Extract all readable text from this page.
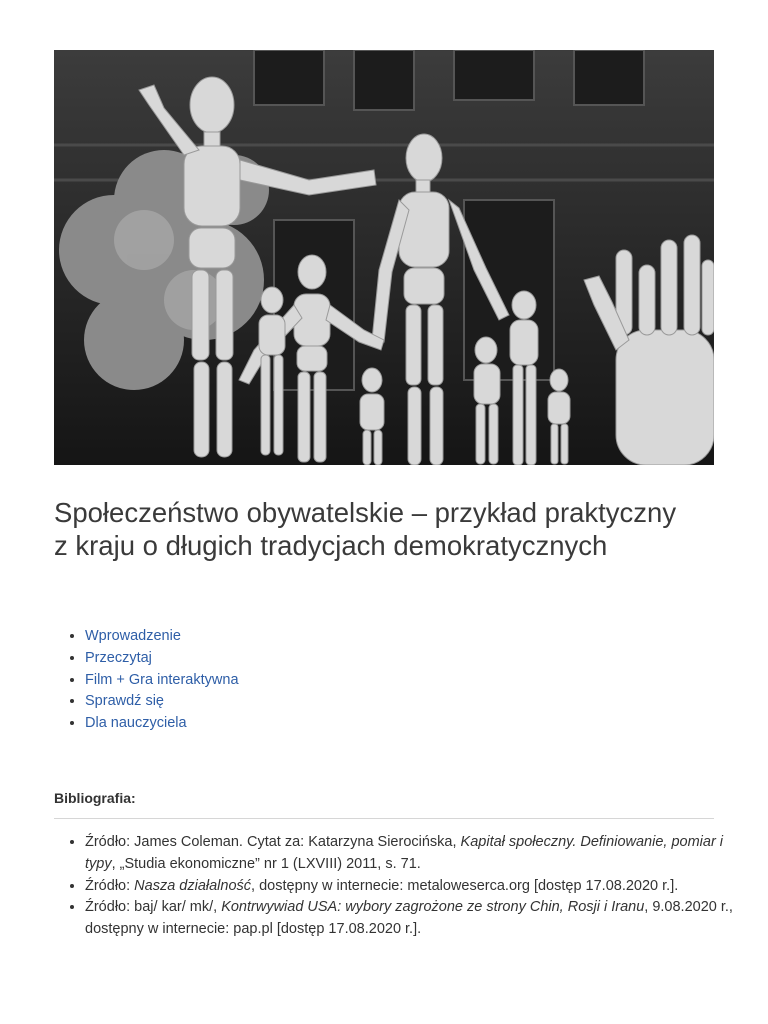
Społeczeństwo obywatelskie – przykład praktyczny
z kraju o długich tradycjach demokratycznych
• Wprowadzenie
• Przeczytaj
• Film + Gra interaktywna
• Sprawdź się
• Dla nauczyciela
Bibliografia:
• Źródło: James Coleman. Cytat za: Katarzyna Sierocińska, Kapitał społeczny. Definiowanie, pomiar i typy, „Studia ekonomiczne” nr 1 (LXVIII) 2011, s. 71.
• Źródło: Nasza działalność, dostępny w internecie: metaloweserca.org [dostęp 17.08.2020 r.].
• Źródło: baj/ kar/ mk/, Kontrwywiad USA: wybory zagrożone ze strony Chin, Rosji i Iranu, 9.08.2020 r., dostępny w internecie: pap.pl [dostęp 17.08.2020 r.].
